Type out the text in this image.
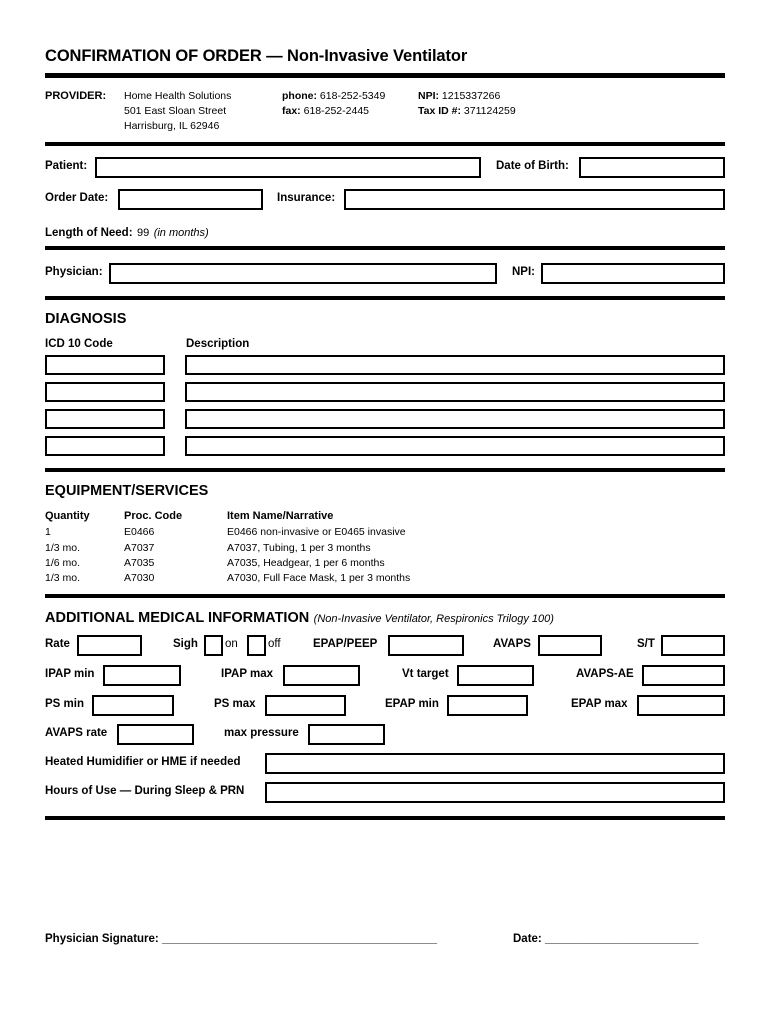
CONFIRMATION OF ORDER — Non-Invasive Ventilator
PROVIDER: Home Health Solutions
501 East Sloan Street
Harrisburg, IL 62946
phone: 618-252-5349
fax: 618-252-2445
NPI: 1215337266
Tax ID #: 371124259
Patient:	Date of Birth:
Order Date:	Insurance:
Length of Need: 99 (in months)
Physician:	NPI:
DIAGNOSIS
ICD 10 Code	Description
EQUIPMENT/SERVICES
Quantity	Proc. Code	Item Name/Narrative
1	E0466	E0466 non-invasive or E0465 invasive
1/3 mo.	A7037	A7037, Tubing, 1 per 3 months
1/6 mo.	A7035	A7035, Headgear, 1 per 6 months
1/3 mo.	A7030	A7030, Full Face Mask, 1 per 3 months
ADDITIONAL MEDICAL INFORMATION (Non-Invasive Ventilator, Respironics Trilogy 100)
Rate	Sigh on	off	EPAP/PEEP	AVAPS	S/T
IPAP min	IPAP max	Vt target	AVAPS-AE
PS min	PS max	EPAP min	EPAP max
AVAPS rate	max pressure
Heated Humidifier or HME if needed
Hours of Use — During Sleep & PRN
Physician Signature: ___________________________________________	Date: ________________________
